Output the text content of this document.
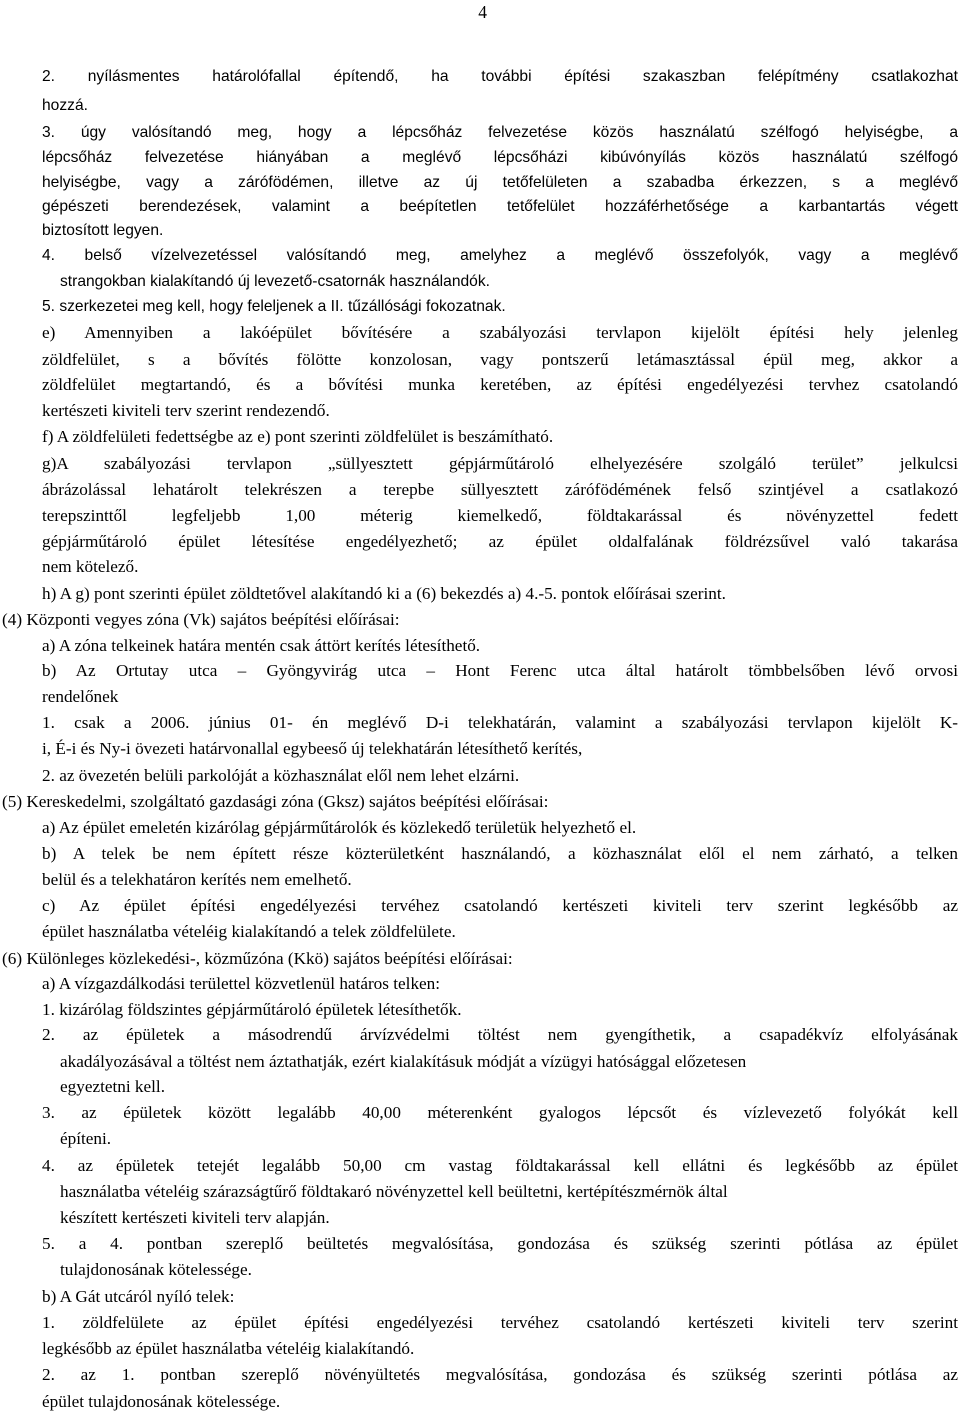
4
2. nyílásmentes határolófallal építendő, ha további építési szakaszban felépítmény csatlakozhat
hozzá.
3. úgy valósítandó meg, hogy a lépcsőház felvezetése közös használatú szélfogó helyiségbe, a
lépcsőház felvezetése hiányában a meglévő lépcsőházi kibúvónyílás közös használatú szélfogó
helyiségbe, vagy a zárófödémen, illetve az új tetőfelületen a szabadba érkezzen, s a meglévő
gépészeti berendezések, valamint a beépítetlen tetőfelület hozzáférhetősége a karbantartás végett
biztosított legyen.
4. belső vízelvezetéssel valósítandó meg, amelyhez a meglévő összefolyók, vagy a meglévő
strangokban kialakítandó új levezető-csatornák használandók.
5. szerkezetei meg kell, hogy feleljenek a II. tűzállósági fokozatnak.
e) Amennyiben a lakóépület bővítésére a szabályozási tervlapon kijelölt építési hely jelenleg
zöldfelület, s a bővítés fölötte konzolosan, vagy pontszerű letámasztással épül meg, akkor a
zöldfelület megtartandó, és a bővítési munka keretében, az építési engedélyezési tervhez csatolandó
kertészeti kiviteli terv szerint rendezendő.
f) A zöldfelületi fedettségbe az e) pont szerinti zöldfelület is beszámítható.
g)A szabályozási tervlapon „süllyesztett gépjárműtároló elhelyezésére szolgáló terület” jelkulcsi
ábrázolással lehatárolt telekrészen a terepbe süllyesztett zárófödémének felső szintjével a csatlakozó
terepszinttől legfeljebb 1,00 méterig kiemelkedő, földtakarással és növényzettel fedett
gépjárműtároló épület létesítése engedélyezhető; az épület oldalfalának földrézsűvel való takarása
nem kötelező.
h) A g) pont szerinti épület zöldtetővel alakítandó ki a (6) bekezdés a) 4.-5. pontok előírásai szerint.
(4) Központi vegyes zóna (Vk) sajátos beépítési előírásai:
a) A zóna telkeinek határa mentén csak áttört kerítés létesíthető.
b) Az Ortutay utca – Gyöngyvirág utca – Hont Ferenc utca által határolt tömbbelsőben lévő orvosi
rendelőnek
1. csak a 2006. június 01- én meglévő D-i telekhatárán, valamint a szabályozási tervlapon kijelölt K-
i, É-i és Ny-i övezeti határvonallal egybeeső új telekhatárán létesíthető kerítés,
2. az övezetén belüli parkolóját a közhasználat elől nem lehet elzárni.
(5) Kereskedelmi, szolgáltató gazdasági zóna (Gksz) sajátos beépítési előírásai:
a) Az épület emeletén kizárólag gépjárműtárolók és közlekedő területük helyezhető el.
b) A telek be nem épített része közterületként használandó, a közhasználat elől el nem zárható, a telken
belül és a telekhatáron kerítés nem emelhető.
c) Az épület építési engedélyezési tervéhez csatolandó kertészeti kiviteli terv szerint legkésőbb az
épület használatba vételéig kialakítandó a telek zöldfelülete.
(6) Különleges közlekedési-, közműzóna (Kkö) sajátos beépítési előírásai:
a) A vízgazdálkodási területtel közvetlenül határos telken:
1. kizárólag földszintes gépjárműtároló épületek létesíthetők.
2. az épületek a másodrendű árvízvédelmi töltést nem gyengíthetik, a csapadékvíz elfolyásának
akadályozásával a töltést nem áztathatják, ezért kialakításuk módját a vízügyi hatósággal előzetesen
egyeztetni kell.
3. az épületek között legalább 40,00 méterenként gyalogos lépcsőt és vízlevezető folyókát kell
építeni.
4. az épületek tetejét legalább 50,00 cm vastag földtakarással kell ellátni és legkésőbb az épület
használatba vételéig szárazságtűrő földtakaró növényzettel kell beültetni, kertépítészmérnök által
készített kertészeti kiviteli terv alapján.
5. a 4. pontban szereplő beültetés megvalósítása, gondozása és szükség szerinti pótlása az épület
tulajdonosának kötelessége.
b) A Gát utcáról nyíló telek:
1. zöldfelülete az épület építési engedélyezési tervéhez csatolandó kertészeti kiviteli terv szerint
legkésőbb az épület használatba vételéig kialakítandó.
2. az 1. pontban szereplő növényültetés megvalósítása, gondozása és szükség szerinti pótlása az
épület tulajdonosának kötelessége.
